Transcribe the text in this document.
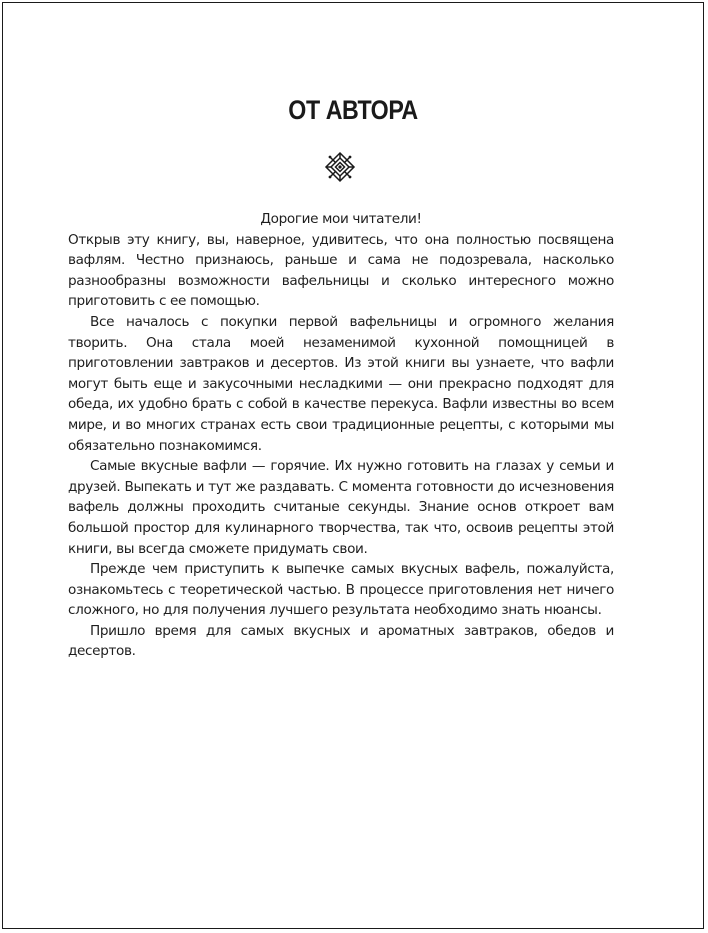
ОТ АВТОРА

Дорогие мои читатели!

Открыв эту книгу, вы, наверное, удивитесь, что она полностью посвящена вафлям. Честно признаюсь, раньше и сама не подозревала, насколько разнообразны возможности вафельницы и сколько интересного можно приготовить с ее помощью.

Все началось с покупки первой вафельницы и огромного желания творить. Она стала моей незаменимой кухонной помощницей в приготовлении завтраков и десертов. Из этой книги вы узнаете, что вафли могут быть еще и закусочными несладкими — они прекрасно подходят для обеда, их удобно брать с собой в качестве перекуса. Вафли известны во всем мире, и во многих странах есть свои традиционные рецепты, с которыми мы обязательно познакомимся.

Самые вкусные вафли — горячие. Их нужно готовить на глазах у семьи и друзей. Выпекать и тут же раздавать. С момента готовности до исчезновения вафель должны проходить считаные секунды. Знание основ откроет вам большой простор для кулинарного творчества, так что, освоив рецепты этой книги, вы всегда сможете придумать свои.

Прежде чем приступить к выпечке самых вкусных вафель, пожалуйста, ознакомьтесь с теоретической частью. В процессе приготовления нет ничего сложного, но для получения лучшего результата необходимо знать нюансы.

Пришло время для самых вкусных и ароматных завтраков, обедов и десертов.
